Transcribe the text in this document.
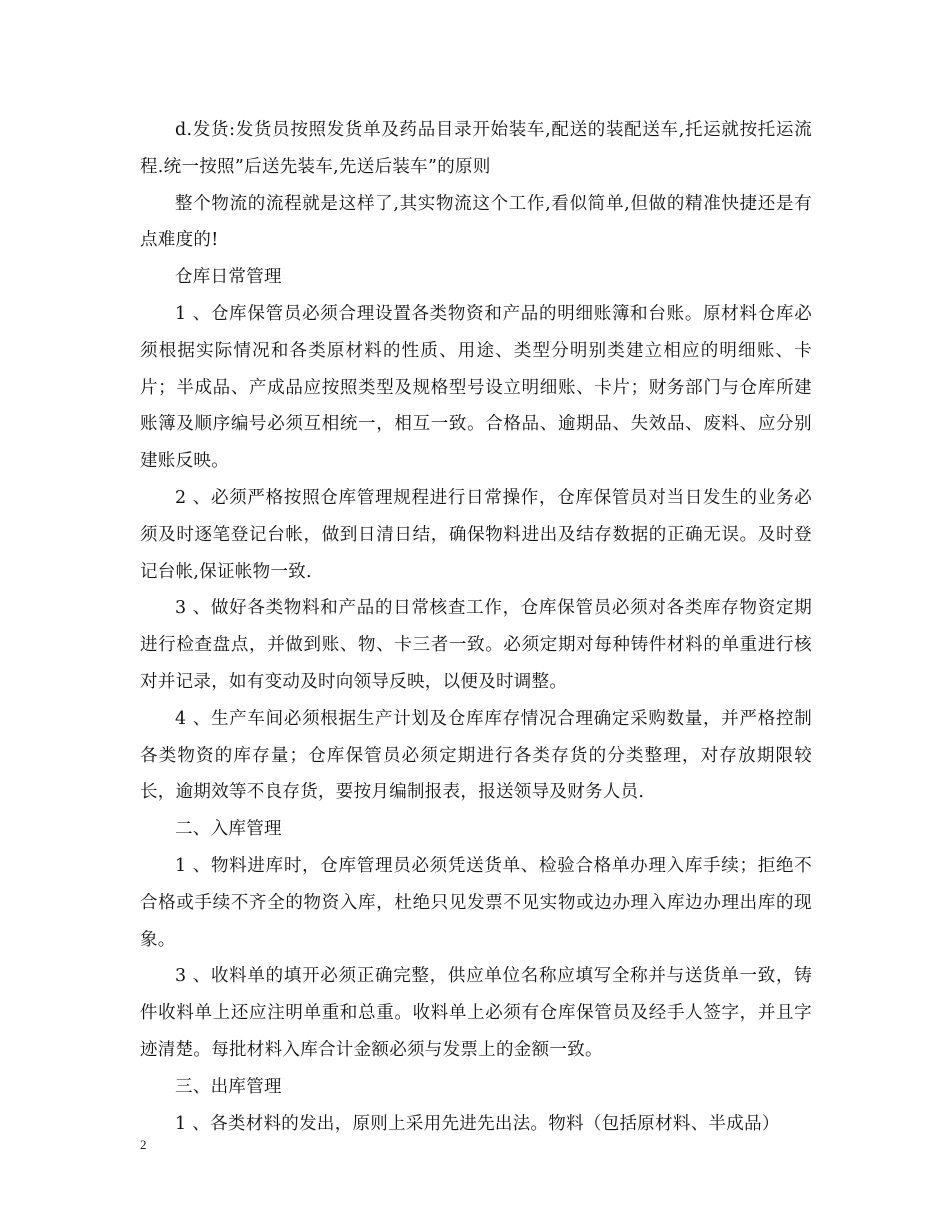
d.发货:发货员按照发货单及药品目录开始装车,配送的装配送车,托运就按托运流程.统一按照”后送先装车,先送后装车”的原则

整个物流的流程就是这样了,其实物流这个工作,看似简单,但做的精准快捷还是有点难度的!

仓库日常管理

1 、仓库保管员必须合理设置各类物资和产品的明细账簿和台账。原材料仓库必须根据实际情况和各类原材料的性质、用途、类型分明别类建立相应的明细账、卡片；半成品、产成品应按照类型及规格型号设立明细账、卡片；财务部门与仓库所建账簿及顺序编号必须互相统一，相互一致。合格品、逾期品、失效品、废料、应分别建账反映。

2 、必须严格按照仓库管理规程进行日常操作，仓库保管员对当日发生的业务必须及时逐笔登记台帐，做到日清日结，确保物料进出及结存数据的正确无误。及时登记台帐,保证帐物一致.

3 、做好各类物料和产品的日常核查工作，仓库保管员必须对各类库存物资定期进行检查盘点，并做到账、物、卡三者一致。必须定期对每种铸件材料的单重进行核对并记录，如有变动及时向领导反映，以便及时调整。

4 、生产车间必须根据生产计划及仓库库存情况合理确定采购数量，并严格控制各类物资的库存量；仓库保管员必须定期进行各类存货的分类整理，对存放期限较长，逾期效等不良存货，要按月编制报表，报送领导及财务人员.

二、入库管理

1 、物料进库时，仓库管理员必须凭送货单、检验合格单办理入库手续；拒绝不合格或手续不齐全的物资入库，杜绝只见发票不见实物或边办理入库边办理出库的现象。

3 、收料单的填开必须正确完整，供应单位名称应填写全称并与送货单一致，铸件收料单上还应注明单重和总重。收料单上必须有仓库保管员及经手人签字，并且字迹清楚。每批材料入库合计金额必须与发票上的金额一致。

三、出库管理

1 、各类材料的发出，原则上采用先进先出法。物料（包括原材料、半成品）

2
